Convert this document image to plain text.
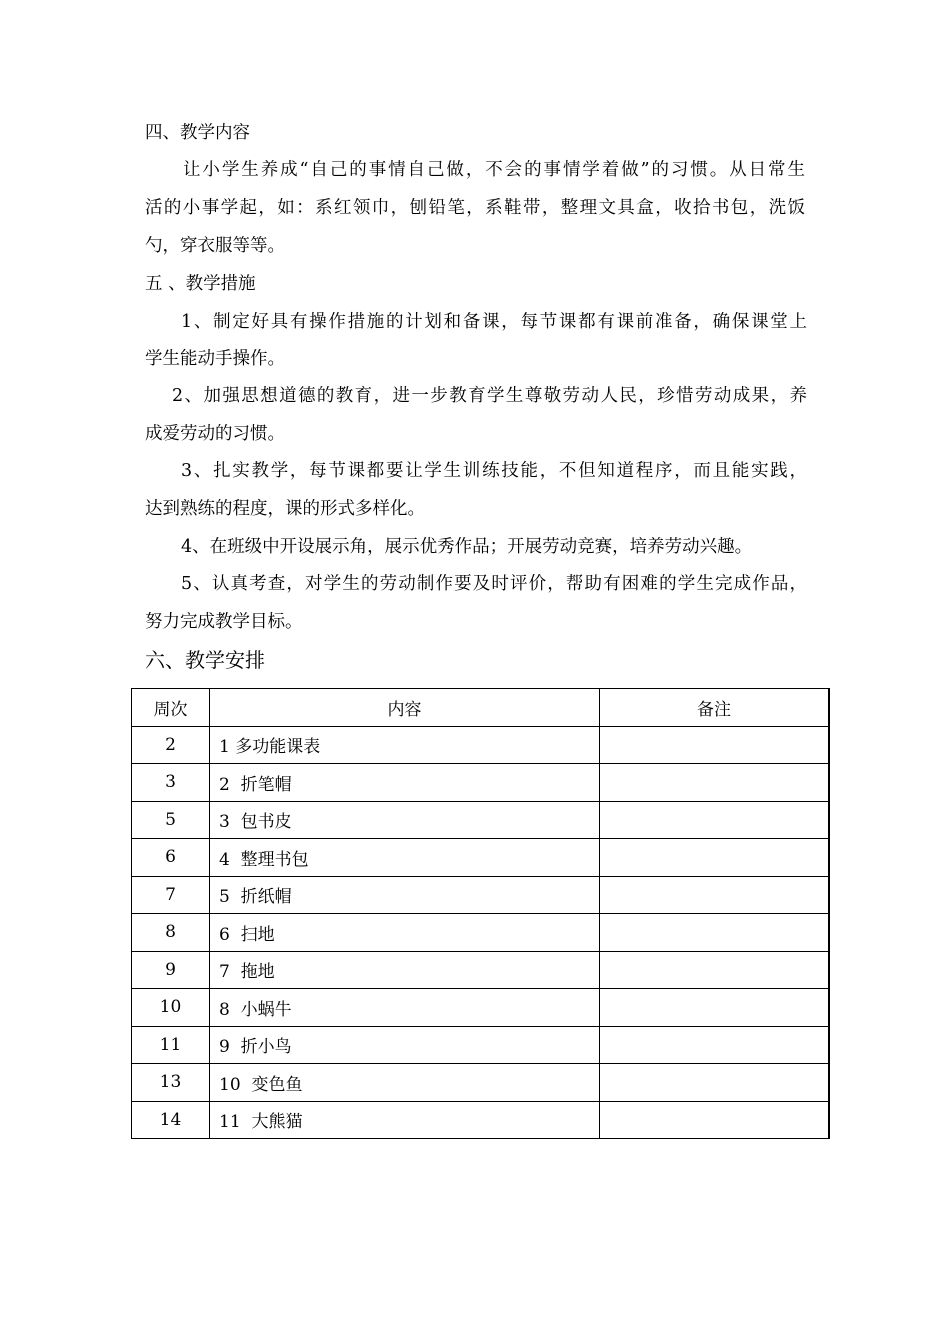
四、教学内容
让小学生养成“自己的事情自己做，不会的事情学着做”的习惯。从日常生
活的小事学起，如：系红领巾，刨铅笔，系鞋带，整理文具盒，收拾书包，洗饭
勺，穿衣服等等。
五 、教学措施
1、制定好具有操作措施的计划和备课，每节课都有课前准备，确保课堂上
学生能动手操作。
2、加强思想道德的教育，进一步教育学生尊敬劳动人民，珍惜劳动成果，养
成爱劳动的习惯。
3、扎实教学，每节课都要让学生训练技能，不但知道程序，而且能实践，
达到熟练的程度，课的形式多样化。
4、在班级中开设展示角，展示优秀作品；开展劳动竞赛，培养劳动兴趣。
5、认真考查，对学生的劳动制作要及时评价，帮助有困难的学生完成作品，
努力完成教学目标。
六、教学安排
周次	内容	备注
2	1 多功能课表	
3	2  折笔帽	
5	3  包书皮	
6	4  整理书包	
7	5  折纸帽	
8	6  扫地	
9	7  拖地	
10	8  小蜗牛	
11	9  折小鸟	
13	10  变色鱼	
14	11  大熊猫	
